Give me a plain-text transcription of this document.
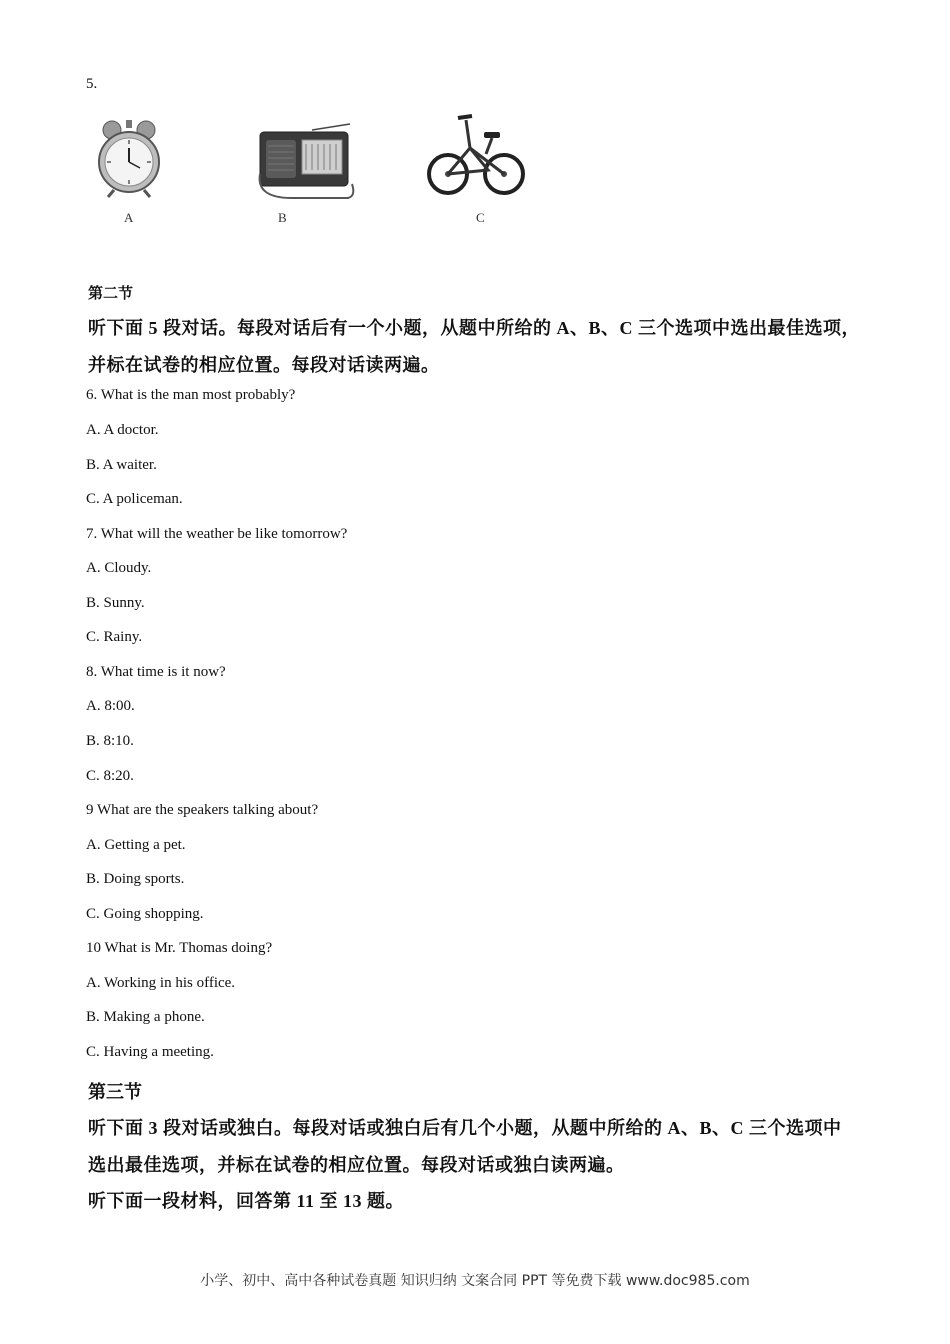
5.
A	B	C
第二节
听下面 5 段对话。每段对话后有一个小题，从题中所给的 A、B、C 三个选项中选出最佳选项，
并标在试卷的相应位置。每段对话读两遍。
6. What is the man most probably?
A. A doctor.
B. A waiter.
C. A policeman.
7. What will the weather be like tomorrow?
A. Cloudy.
B. Sunny.
C. Rainy.
8. What time is it now?
A. 8:00.
B. 8:10.
C. 8:20.
9 What are the speakers talking about?
A. Getting a pet.
B. Doing sports.
C. Going shopping.
10 What is Mr. Thomas doing?
A. Working in his office.
B. Making a phone.
C. Having a meeting.
第三节
听下面 3 段对话或独白。每段对话或独白后有几个小题，从题中所给的 A、B、C 三个选项中
选出最佳选项，并标在试卷的相应位置。每段对话或独白读两遍。
听下面一段材料，回答第 11 至 13 题。
小学、初中、高中各种试卷真题 知识归纳 文案合同 PPT 等免费下载 www.doc985.com
